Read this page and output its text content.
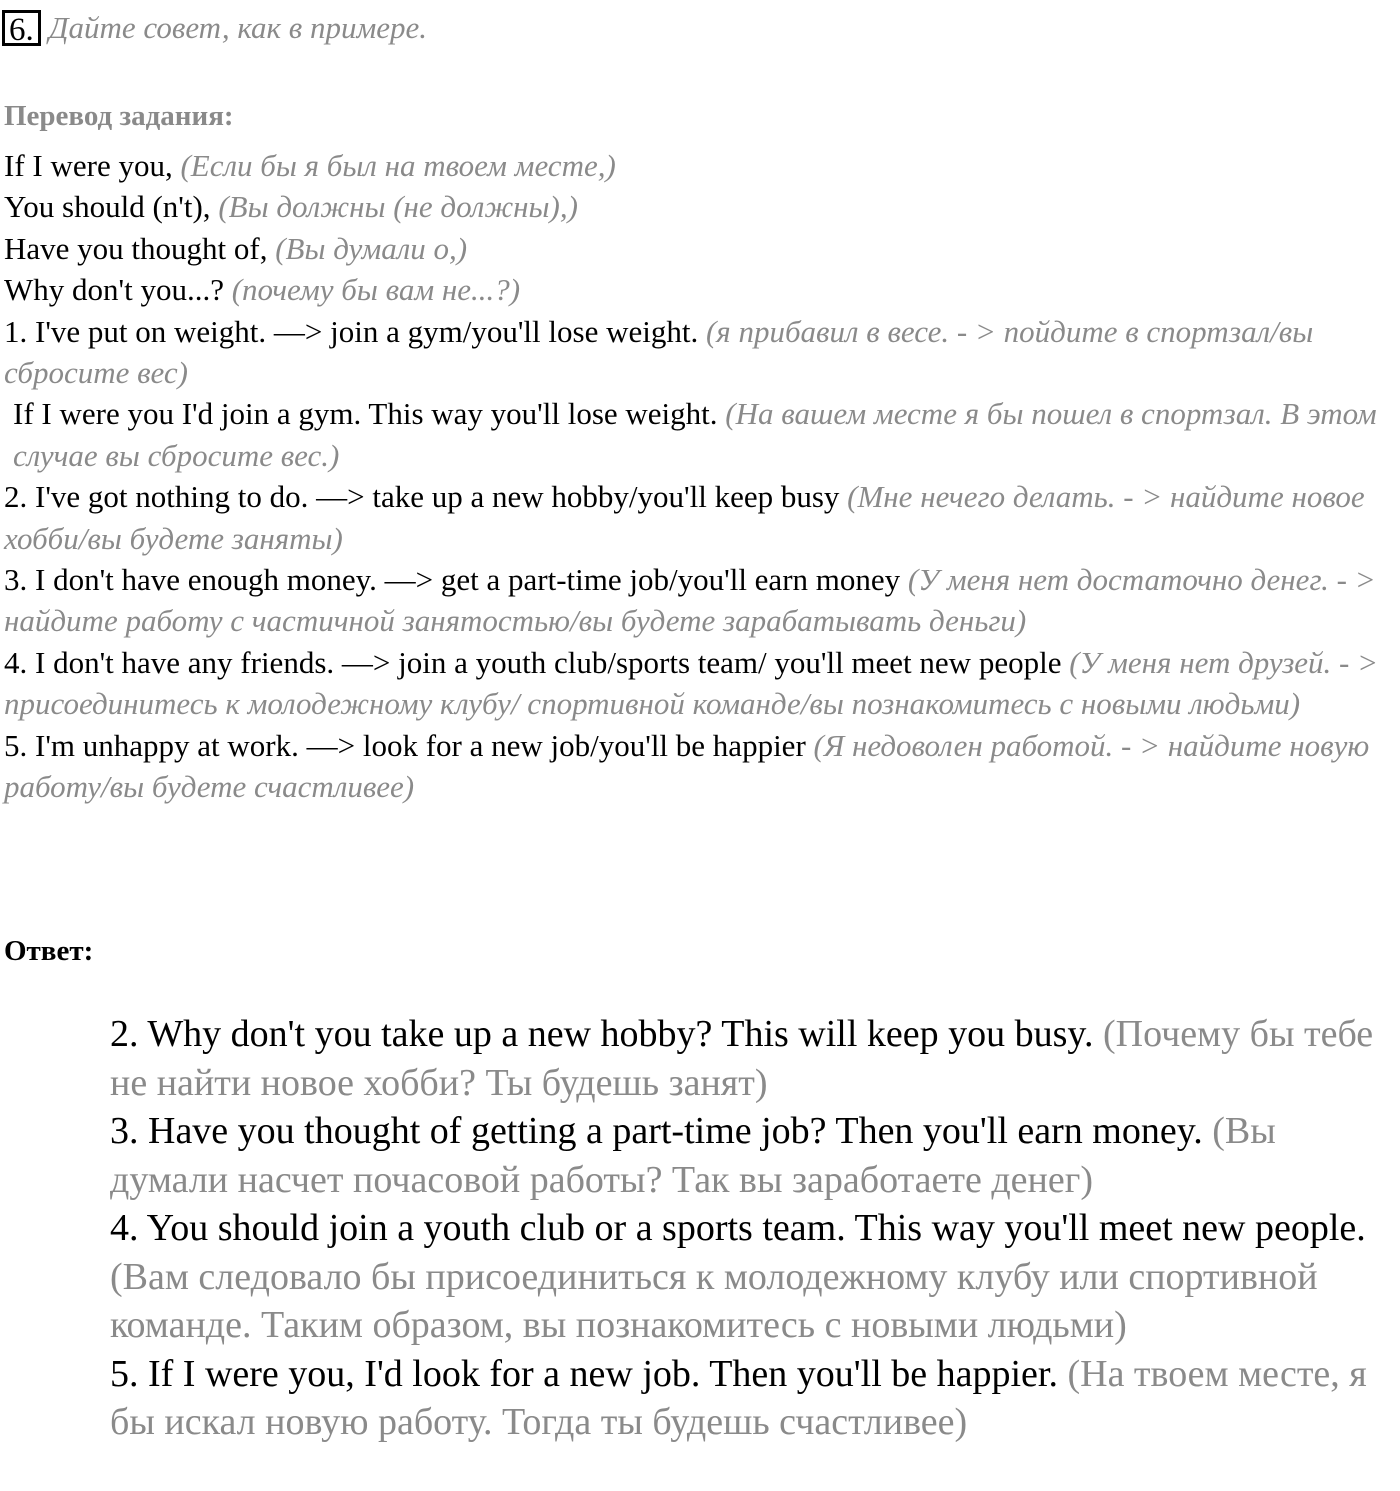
6. Дайте совет, как в примере.
Перевод задания:
If I were you, (Если бы я был на твоем месте,)
You should (n't), (Вы должны (не должны),)
Have you thought of, (Вы думали о,)
Why don't you...? (почему бы вам не...?)
1. I've put on weight. —> join a gym/you'll lose weight. (я прибавил в весе. - > пойдите в спортзал/вы сбросите вес)
If I were you I'd join a gym. This way you'll lose weight. (На вашем месте я бы пошел в спортзал. В этом случае вы сбросите вес.)
2. I've got nothing to do. —> take up a new hobby/you'll keep busy (Мне нечего делать. - > найдите новое хобби/вы будете заняты)
3. I don't have enough money. —> get a part-time job/you'll earn money (У меня нет достаточно денег. - > найдите работу с частичной занятостью/вы будете зарабатывать деньги)
4. I don't have any friends. —> join a youth club/sports team/ you'll meet new people (У меня нет друзей. - > присоединитесь к молодежному клубу/ спортивной команде/вы познакомитесь с новыми людьми)
5. I'm unhappy at work. —> look for a new job/you'll be happier (Я недоволен работой. - > найдите новую работу/вы будете счастливее)
Ответ:
2. Why don't you take up a new hobby? This will keep you busy. (Почему бы тебе не найти новое хобби? Ты будешь занят)
3. Have you thought of getting a part-time job? Then you'll earn money. (Вы думали насчет почасовой работы? Так вы заработаете денег)
4. You should join a youth club or a sports team. This way you'll meet new people. (Вам следовало бы присоединиться к молодежному клубу или спортивной команде. Таким образом, вы познакомитесь с новыми людьми)
5. If I were you, I'd look for a new job. Then you'll be happier. (На твоем месте, я бы искал новую работу. Тогда ты будешь счастливее)
